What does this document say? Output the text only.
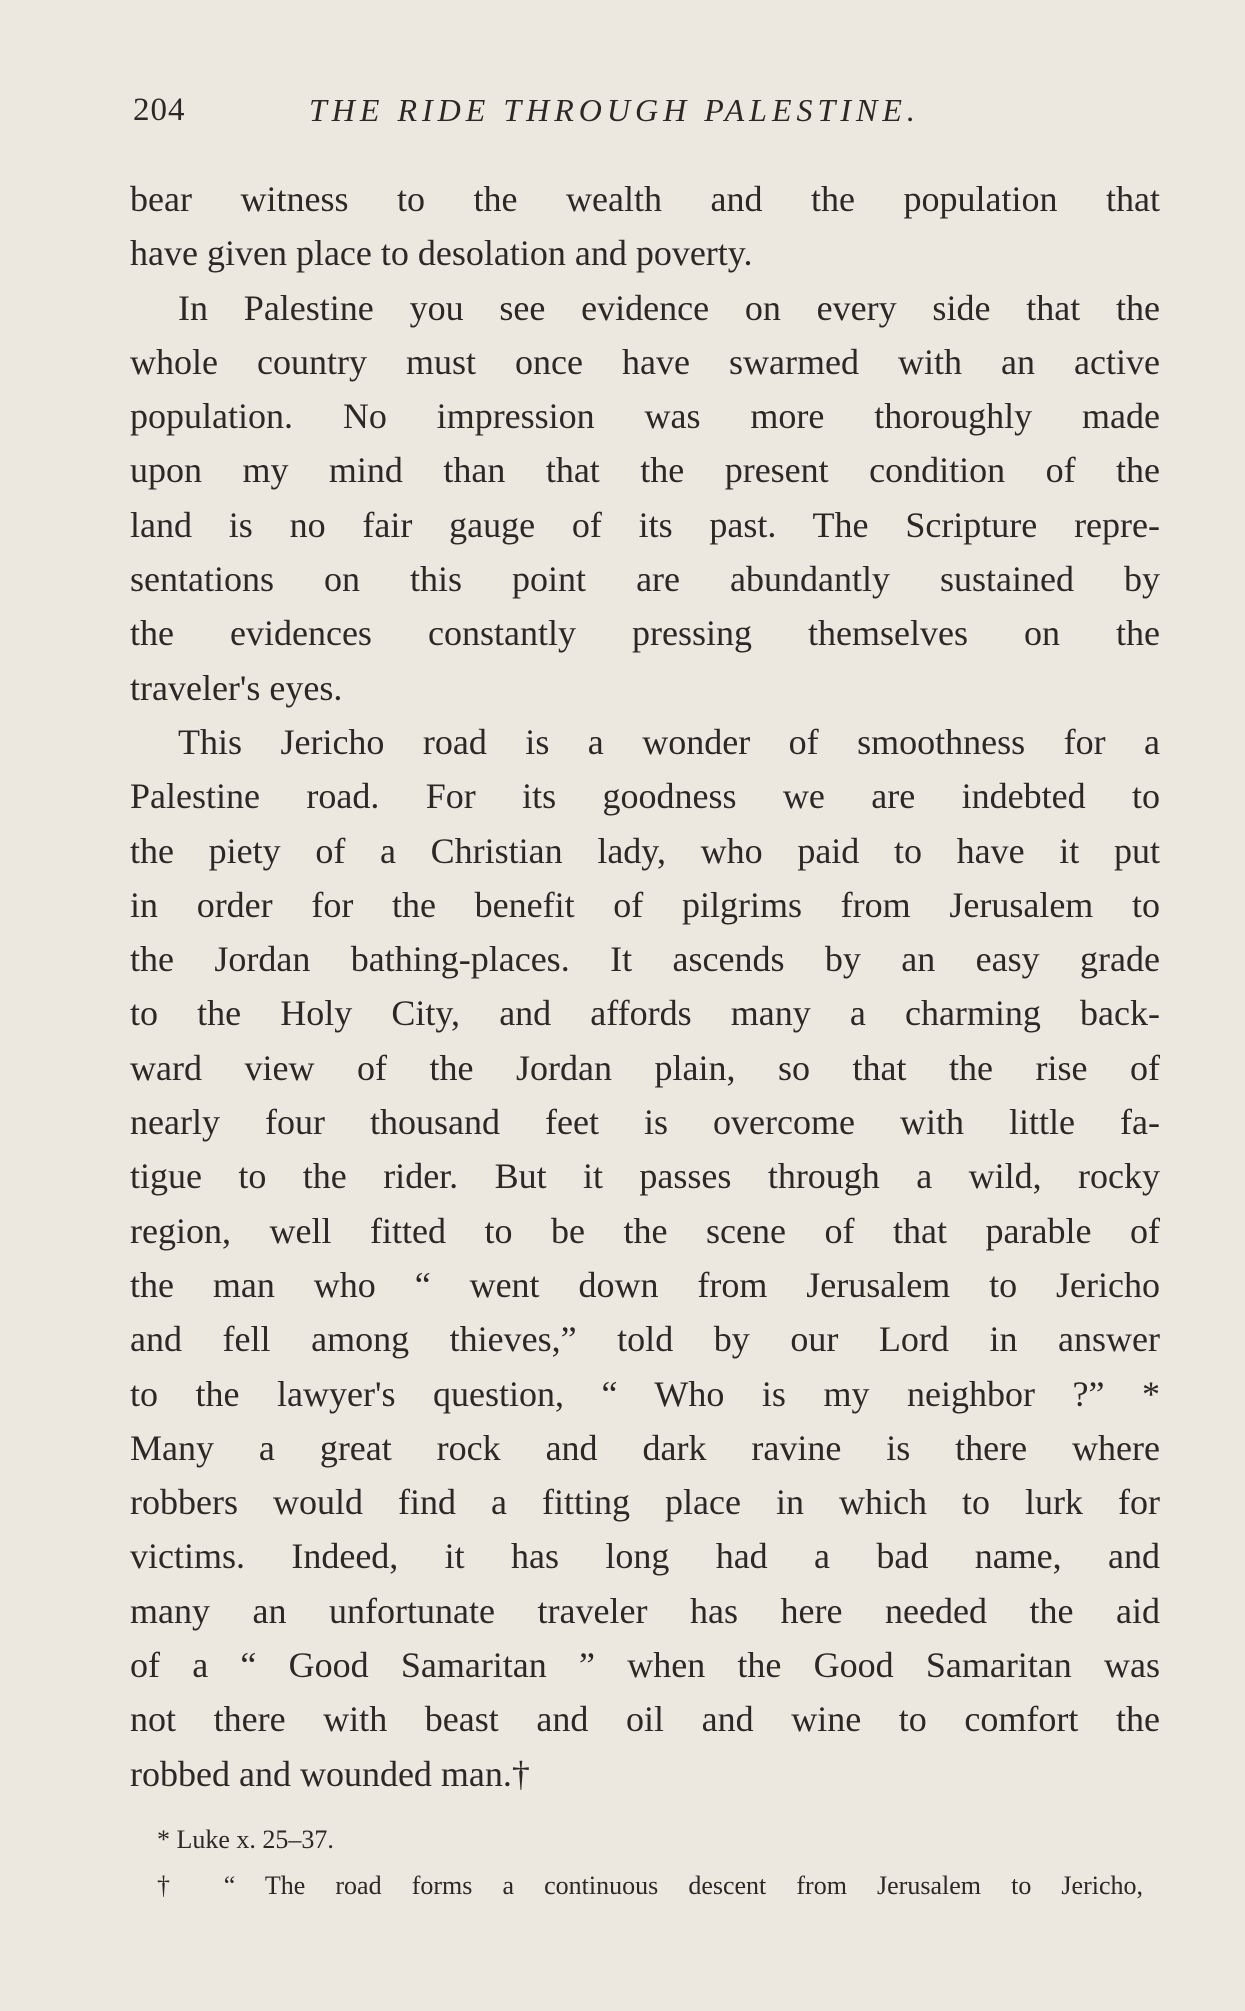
204	THE RIDE THROUGH PALESTINE.
bear witness to the wealth and the population that
have given place to desolation and poverty.
In Palestine you see evidence on every side that the
whole country must once have swarmed with an active
population. No impression was more thoroughly made
upon my mind than that the present condition of the
land is no fair gauge of its past. The Scripture repre-
sentations on this point are abundantly sustained by
the evidences constantly pressing themselves on the
traveler's eyes.
This Jericho road is a wonder of smoothness for a
Palestine road. For its goodness we are indebted to
the piety of a Christian lady, who paid to have it put
in order for the benefit of pilgrims from Jerusalem to
the Jordan bathing-places. It ascends by an easy grade
to the Holy City, and affords many a charming back-
ward view of the Jordan plain, so that the rise of
nearly four thousand feet is overcome with little fa-
tigue to the rider. But it passes through a wild, rocky
region, well fitted to be the scene of that parable of
the man who “ went down from Jerusalem to Jericho
and fell among thieves,” told by our Lord in answer
to the lawyer's question, “ Who is my neighbor ?” *
Many a great rock and dark ravine is there where
robbers would find a fitting place in which to lurk for
victims. Indeed, it has long had a bad name, and
many an unfortunate traveler has here needed the aid
of a “ Good Samaritan ” when the Good Samaritan was
not there with beast and oil and wine to comfort the
robbed and wounded man.†
* Luke x. 25–37.
† “ The road forms a continuous descent from Jerusalem to Jericho,
